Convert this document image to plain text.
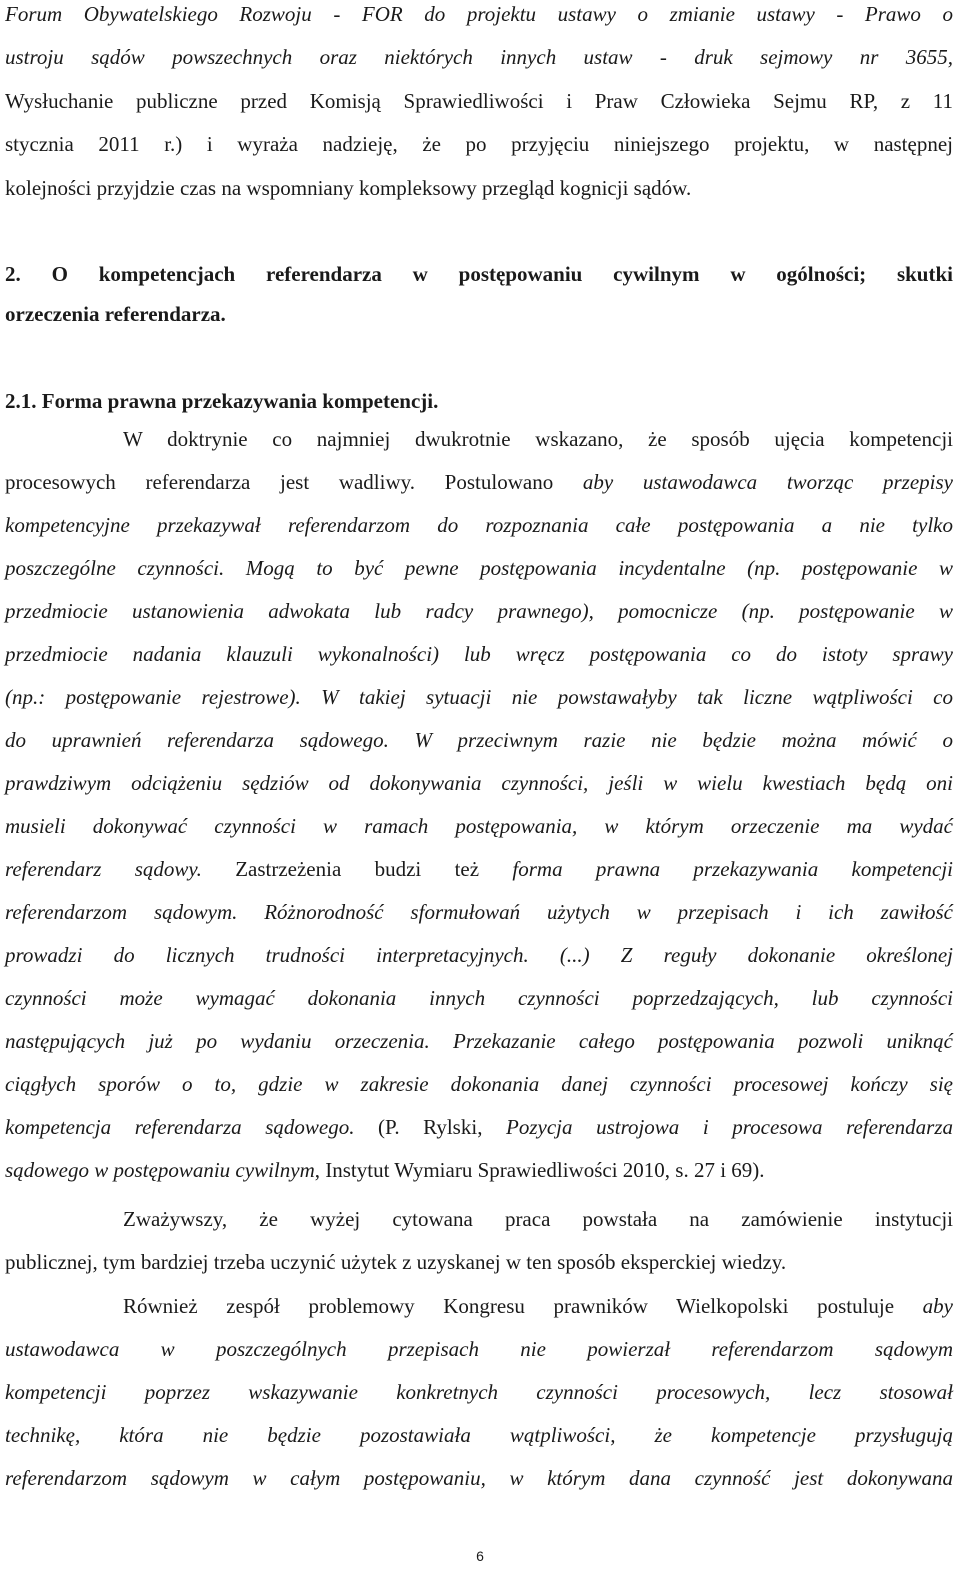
Forum Obywatelskiego Rozwoju - FOR do projektu ustawy o zmianie ustawy - Prawo o
ustroju sądów powszechnych oraz niektórych innych ustaw - druk sejmowy nr 3655,
Wysłuchanie publiczne przed Komisją Sprawiedliwości i Praw Człowieka Sejmu RP, z 11
stycznia 2011 r.) i wyraża nadzieję, że po przyjęciu niniejszego projektu, w następnej
kolejności przyjdzie czas na wspomniany kompleksowy przegląd kognicji sądów.
2. O kompetencjach referendarza w postępowaniu cywilnym w ogólności; skutki
orzeczenia referendarza.
2.1. Forma prawna przekazywania kompetencji.
W doktrynie co najmniej dwukrotnie wskazano, że sposób ujęcia kompetencji
procesowych referendarza jest wadliwy. Postulowano aby ustawodawca tworząc przepisy
kompetencyjne przekazywał referendarzom do rozpoznania całe postępowania a nie tylko
poszczególne czynności. Mogą to być pewne postępowania incydentalne (np. postępowanie w
przedmiocie ustanowienia adwokata lub radcy prawnego), pomocnicze (np. postępowanie w
przedmiocie nadania klauzuli wykonalności) lub wręcz postępowania co do istoty sprawy
(np.: postępowanie rejestrowe). W takiej sytuacji nie powstawałyby tak liczne wątpliwości co
do uprawnień referendarza sądowego. W przeciwnym razie nie będzie można mówić o
prawdziwym odciążeniu sędziów od dokonywania czynności, jeśli w wielu kwestiach będą oni
musieli dokonywać czynności w ramach postępowania, w którym orzeczenie ma wydać
referendarz sądowy. Zastrzeżenia budzi też forma prawna przekazywania kompetencji
referendarzom sądowym. Różnorodność sformułowań użytych w przepisach i ich zawiłość
prowadzi do licznych trudności interpretacyjnych. (...) Z reguły dokonanie określonej
czynności może wymagać dokonania innych czynności poprzedzających, lub czynności
następujących już po wydaniu orzeczenia. Przekazanie całego postępowania pozwoli uniknąć
ciągłych sporów o to, gdzie w zakresie dokonania danej czynności procesowej kończy się
kompetencja referendarza sądowego. (P. Rylski, Pozycja ustrojowa i procesowa referendarza
sądowego w postępowaniu cywilnym, Instytut Wymiaru Sprawiedliwości 2010, s. 27 i 69).
Zważywszy, że wyżej cytowana praca powstała na zamówienie instytucji
publicznej, tym bardziej trzeba uczynić użytek z uzyskanej w ten sposób eksperckiej wiedzy.
Również zespół problemowy Kongresu prawników Wielkopolski postuluje aby
ustawodawca w poszczególnych przepisach nie powierzał referendarzom sądowym
kompetencji poprzez wskazywanie konkretnych czynności procesowych, lecz stosował
technikę, która nie będzie pozostawiała wątpliwości, że kompetencje przysługują
referendarzom sądowym w całym postępowaniu, w którym dana czynność jest dokonywana
6
